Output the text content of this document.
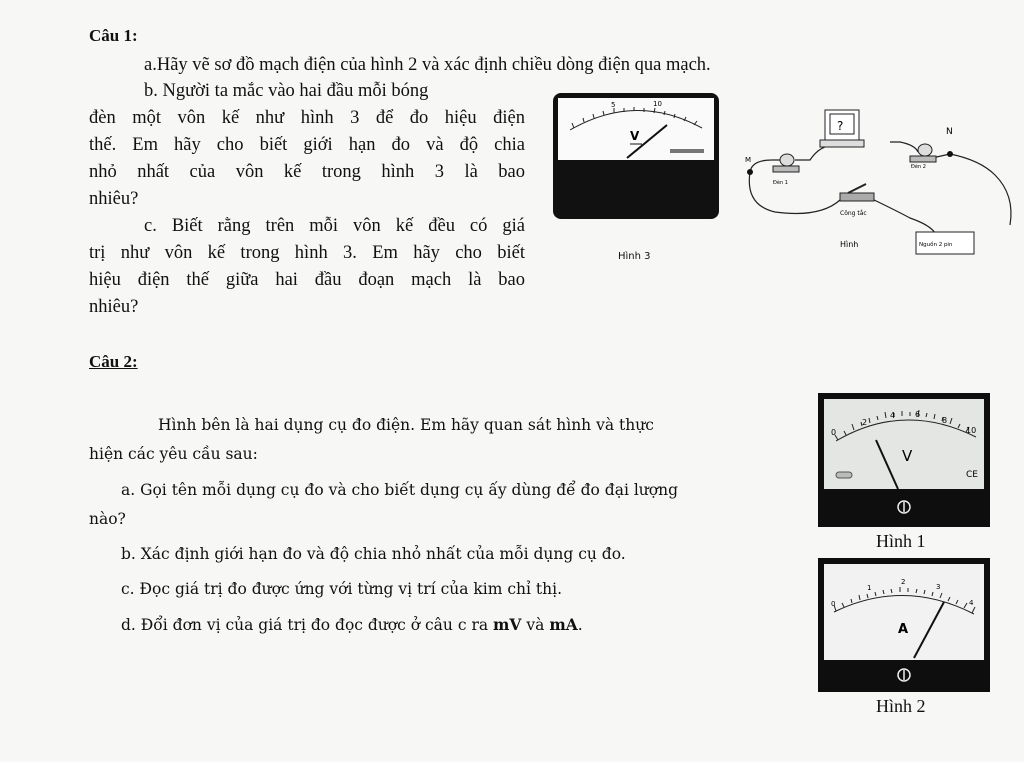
Câu 1:
a.Hãy vẽ sơ đồ mạch điện của hình 2 và xác định chiều dòng điện qua mạch.
b. Người ta mắc vào hai đầu mỗi bóng
đèn một vôn kế như hình 3 để đo hiệu điện
thế. Em hãy cho biết giới hạn đo và độ chia
nhỏ nhất của vôn kế trong hình 3 là bao
nhiêu?
c. Biết rằng trên mỗi vôn kế đều có giá
trị như vôn kế trong hình 3. Em hãy cho biết
hiệu điện thế giữa hai đầu đoạn mạch là bao
nhiêu?
5	10
V
Hình 3
?
M
N
Đèn 1
Đèn 2
Công tắc
Nguồn 2 pin
Hình
Câu 2:
Hình bên là hai dụng cụ đo điện. Em hãy quan sát hình và thực
hiện các yêu cầu sau:
a. Gọi tên mỗi dụng cụ đo và cho biết dụng cụ ấy dùng để đo đại lượng
nào?
b. Xác định giới hạn đo và độ chia nhỏ nhất của mỗi dụng cụ đo.
c. Đọc giá trị đo được ứng với từng vị trí của kim chỉ thị.
d. Đổi đơn vị của giá trị đo đọc được ở câu c ra mV và mA.
0
2
4 6
8
10
V
CE
Hình 1
0
1
2
3
4
A
Hình 2
